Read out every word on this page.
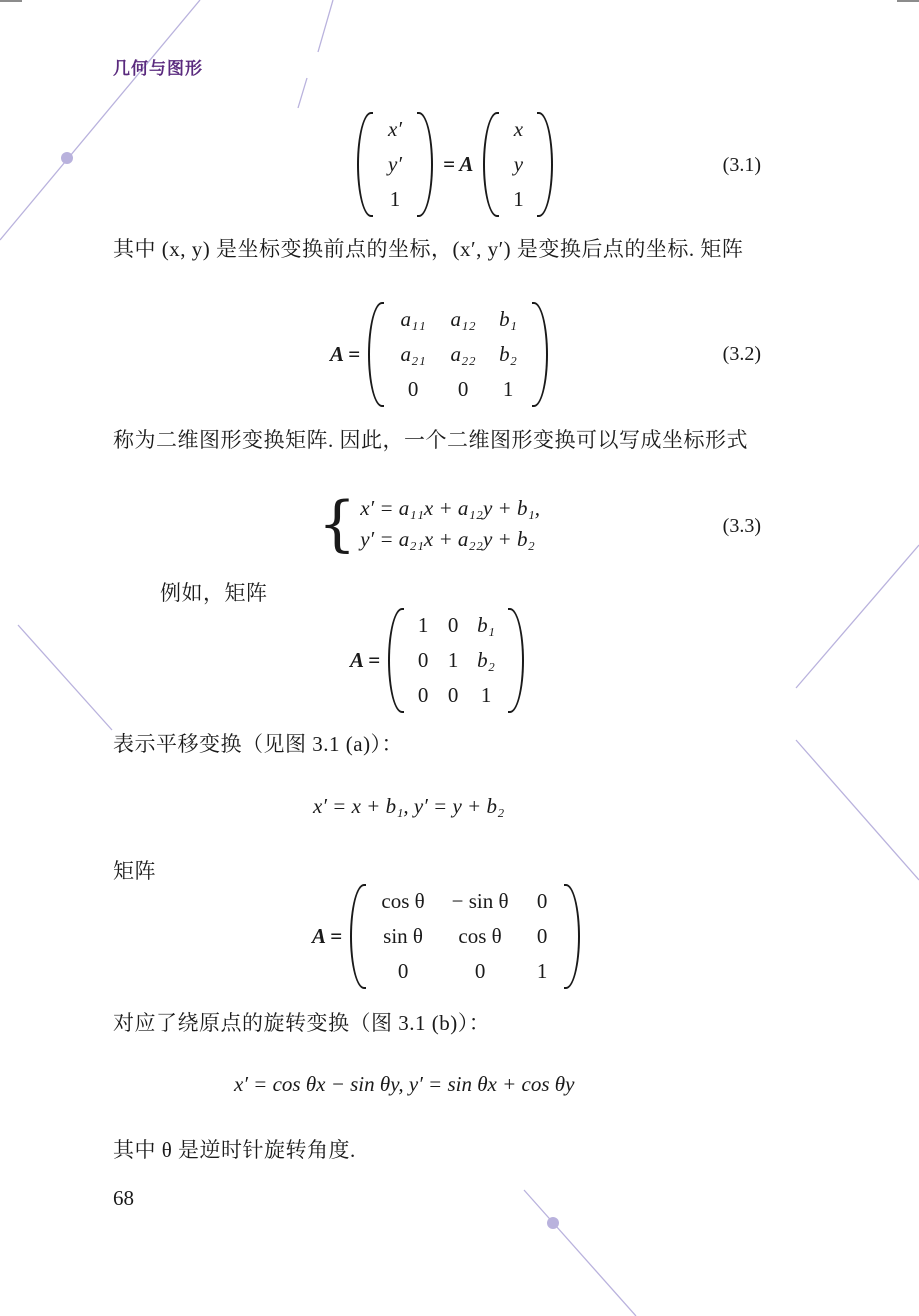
几何与图形
x′
y′
1
= A
x
y
1
(3.1)
其中 (x, y) 是坐标变换前点的坐标，(x′, y′) 是变换后点的坐标. 矩阵
A =
a₁₁ a₁₂ b₁
a₂₁ a₂₂ b₂
0 0 1
(3.2)
称为二维图形变换矩阵. 因此，一个二维图形变换可以写成坐标形式
{ x′ = a₁₁x + a₁₂y + b₁,
y′ = a₂₁x + a₂₂y + b₂
(3.3)
例如，矩阵
A =
1 0 b₁
0 1 b₂
0 0 1
表示平移变换（见图 3.1 (a)）：
x′ = x + b₁, y′ = y + b₂
矩阵
A =
cos θ − sin θ 0
sin θ cos θ 0
0	0 1
对应了绕原点的旋转变换（图 3.1 (b)）：
x′ = cos θx − sin θy, y′ = sin θx + cos θy
其中 θ 是逆时针旋转角度.
68
